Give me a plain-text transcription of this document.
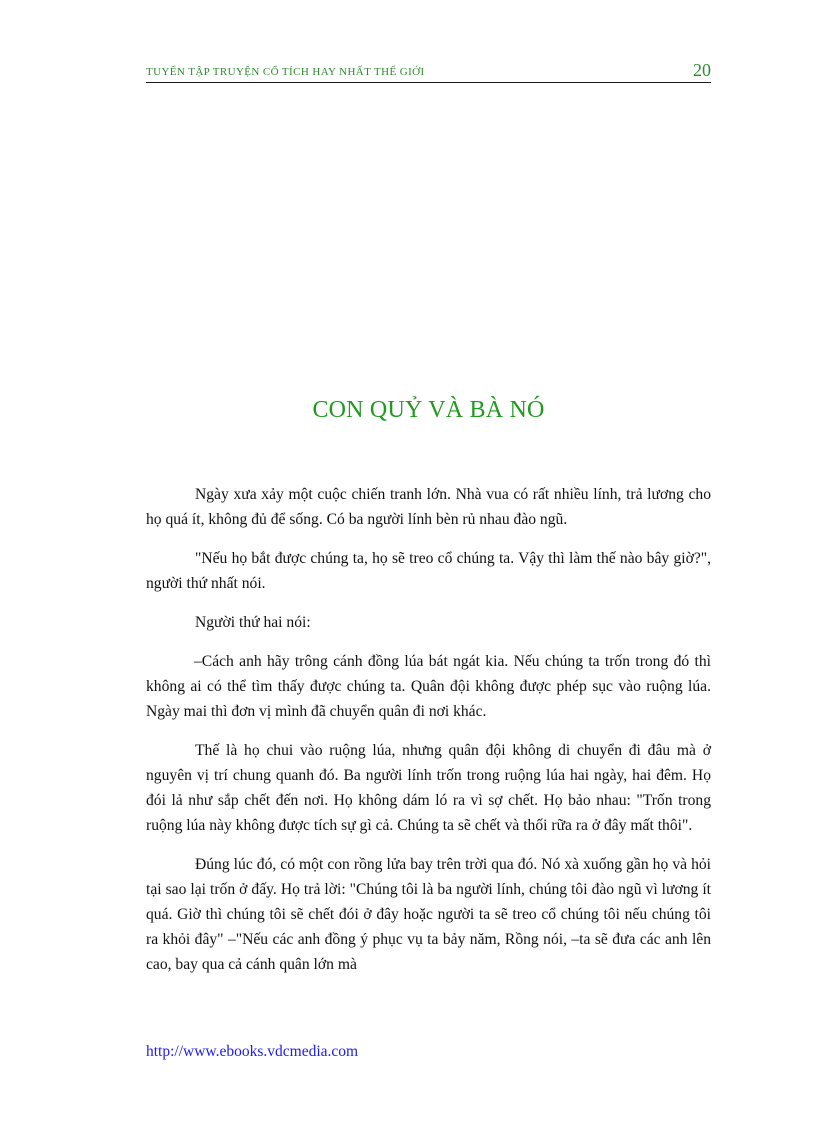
TUYỂN TẬP TRUYỆN CỔ TÍCH HAY NHẤT THẾ GIỚI	20
CON QUỶ VÀ BÀ NÓ

Ngày xưa xảy một cuộc chiến tranh lớn. Nhà vua có rất nhiều lính, trả lương cho họ quá ít, không đủ để sống. Có ba người lính bèn rủ nhau đào ngũ.

"Nếu họ bắt được chúng ta, họ sẽ treo cổ chúng ta. Vậy thì làm thế nào bây giờ?", người thứ nhất nói.

Người thứ hai nói:

–Cách anh hãy trông cánh đồng lúa bát ngát kia. Nếu chúng ta trốn trong đó thì không ai có thể tìm thấy được chúng ta. Quân đội không được phép sục vào ruộng lúa. Ngày mai thì đơn vị mình đã chuyển quân đi nơi khác.

Thế là họ chui vào ruộng lúa, nhưng quân đội không di chuyển đi đâu mà ở nguyên vị trí chung quanh đó. Ba người lính trốn trong ruộng lúa hai ngày, hai đêm. Họ đói lả như sắp chết đến nơi. Họ không dám ló ra vì sợ chết. Họ bảo nhau: "Trốn trong ruộng lúa này không được tích sự gì cả. Chúng ta sẽ chết và thối rữa ra ở đây mất thôi".

Đúng lúc đó, có một con rồng lửa bay trên trời qua đó. Nó xà xuống gần họ và hỏi tại sao lại trốn ở đấy. Họ trả lời: "Chúng tôi là ba người lính, chúng tôi đào ngũ vì lương ít quá. Giờ thì chúng tôi sẽ chết đói ở đây hoặc người ta sẽ treo cổ chúng tôi nếu chúng tôi ra khỏi đây" –"Nếu các anh đồng ý phục vụ ta bảy năm, Rồng nói, –ta sẽ đưa các anh lên cao, bay qua cả cánh quân lớn mà

http://www.ebooks.vdcmedia.com
